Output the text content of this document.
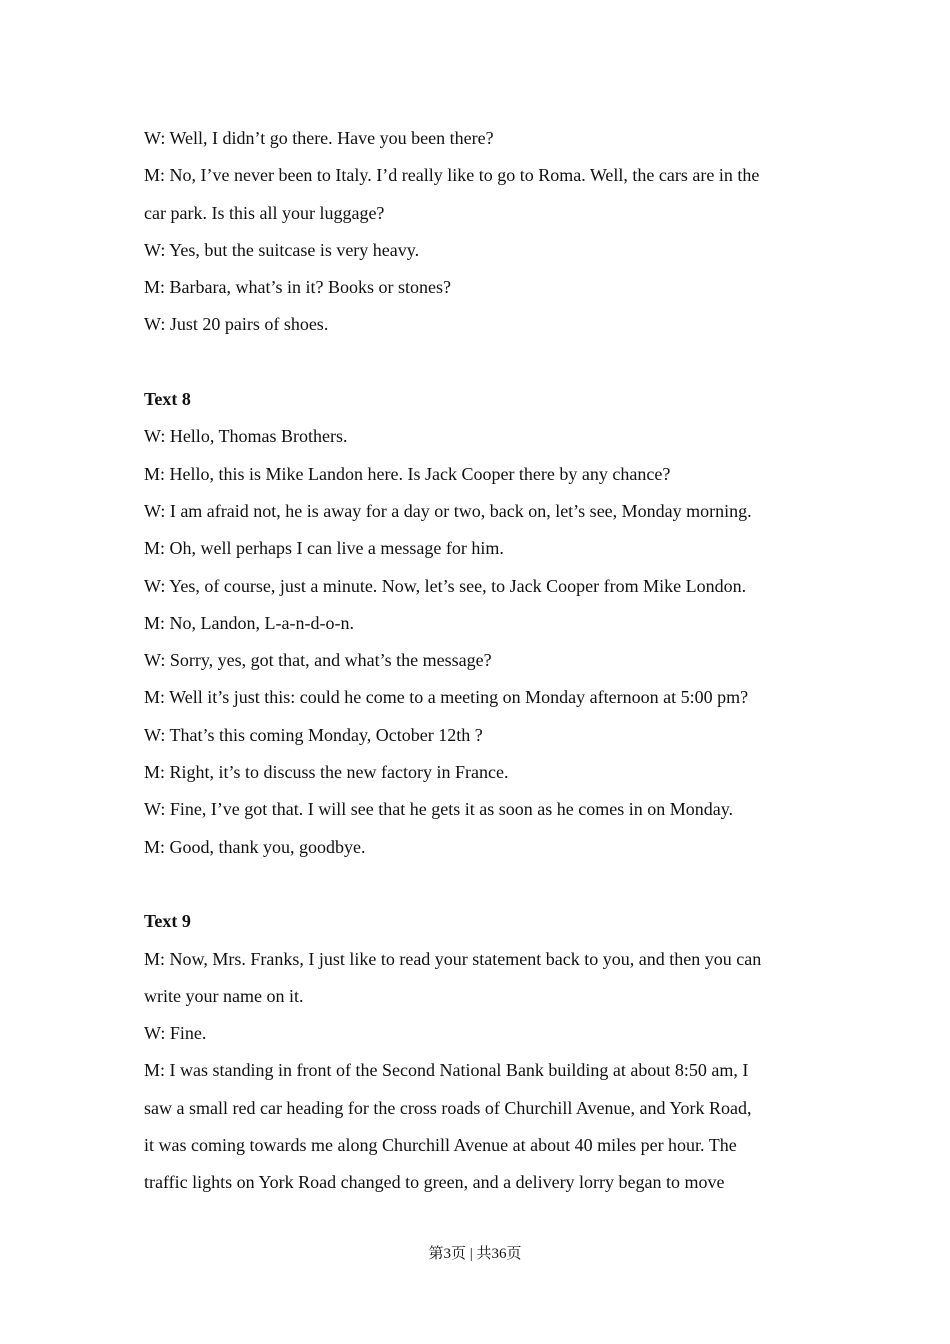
W: Well, I didn’t go there. Have you been there?
M: No, I’ve never been to Italy. I’d really like to go to Roma. Well, the cars are in the
car park. Is this all your luggage?
W: Yes, but the suitcase is very heavy.
M: Barbara, what’s in it? Books or stones?
W: Just 20 pairs of shoes.
Text 8
W: Hello, Thomas Brothers.
M: Hello, this is Mike Landon here. Is Jack Cooper there by any chance?
W: I am afraid not, he is away for a day or two, back on, let’s see, Monday morning.
M: Oh, well perhaps I can live a message for him.
W: Yes, of course, just a minute. Now, let’s see, to Jack Cooper from Mike London.
M: No, Landon, L-a-n-d-o-n.
W: Sorry, yes, got that, and what’s the message?
M: Well it’s just this: could he come to a meeting on Monday afternoon at 5:00 pm?
W: That’s this coming Monday, October 12th ?
M: Right, it’s to discuss the new factory in France.
W: Fine, I’ve got that. I will see that he gets it as soon as he comes in on Monday.
M: Good, thank you, goodbye.
Text 9
M: Now, Mrs. Franks, I just like to read your statement back to you, and then you can
write your name on it.
W: Fine.
M: I was standing in front of the Second National Bank building at about 8:50 am, I
saw a small red car heading for the cross roads of Churchill Avenue, and York Road,
it was coming towards me along Churchill Avenue at about 40 miles per hour. The
traffic lights on York Road changed to green, and a delivery lorry began to move
第3页 | 共36页
